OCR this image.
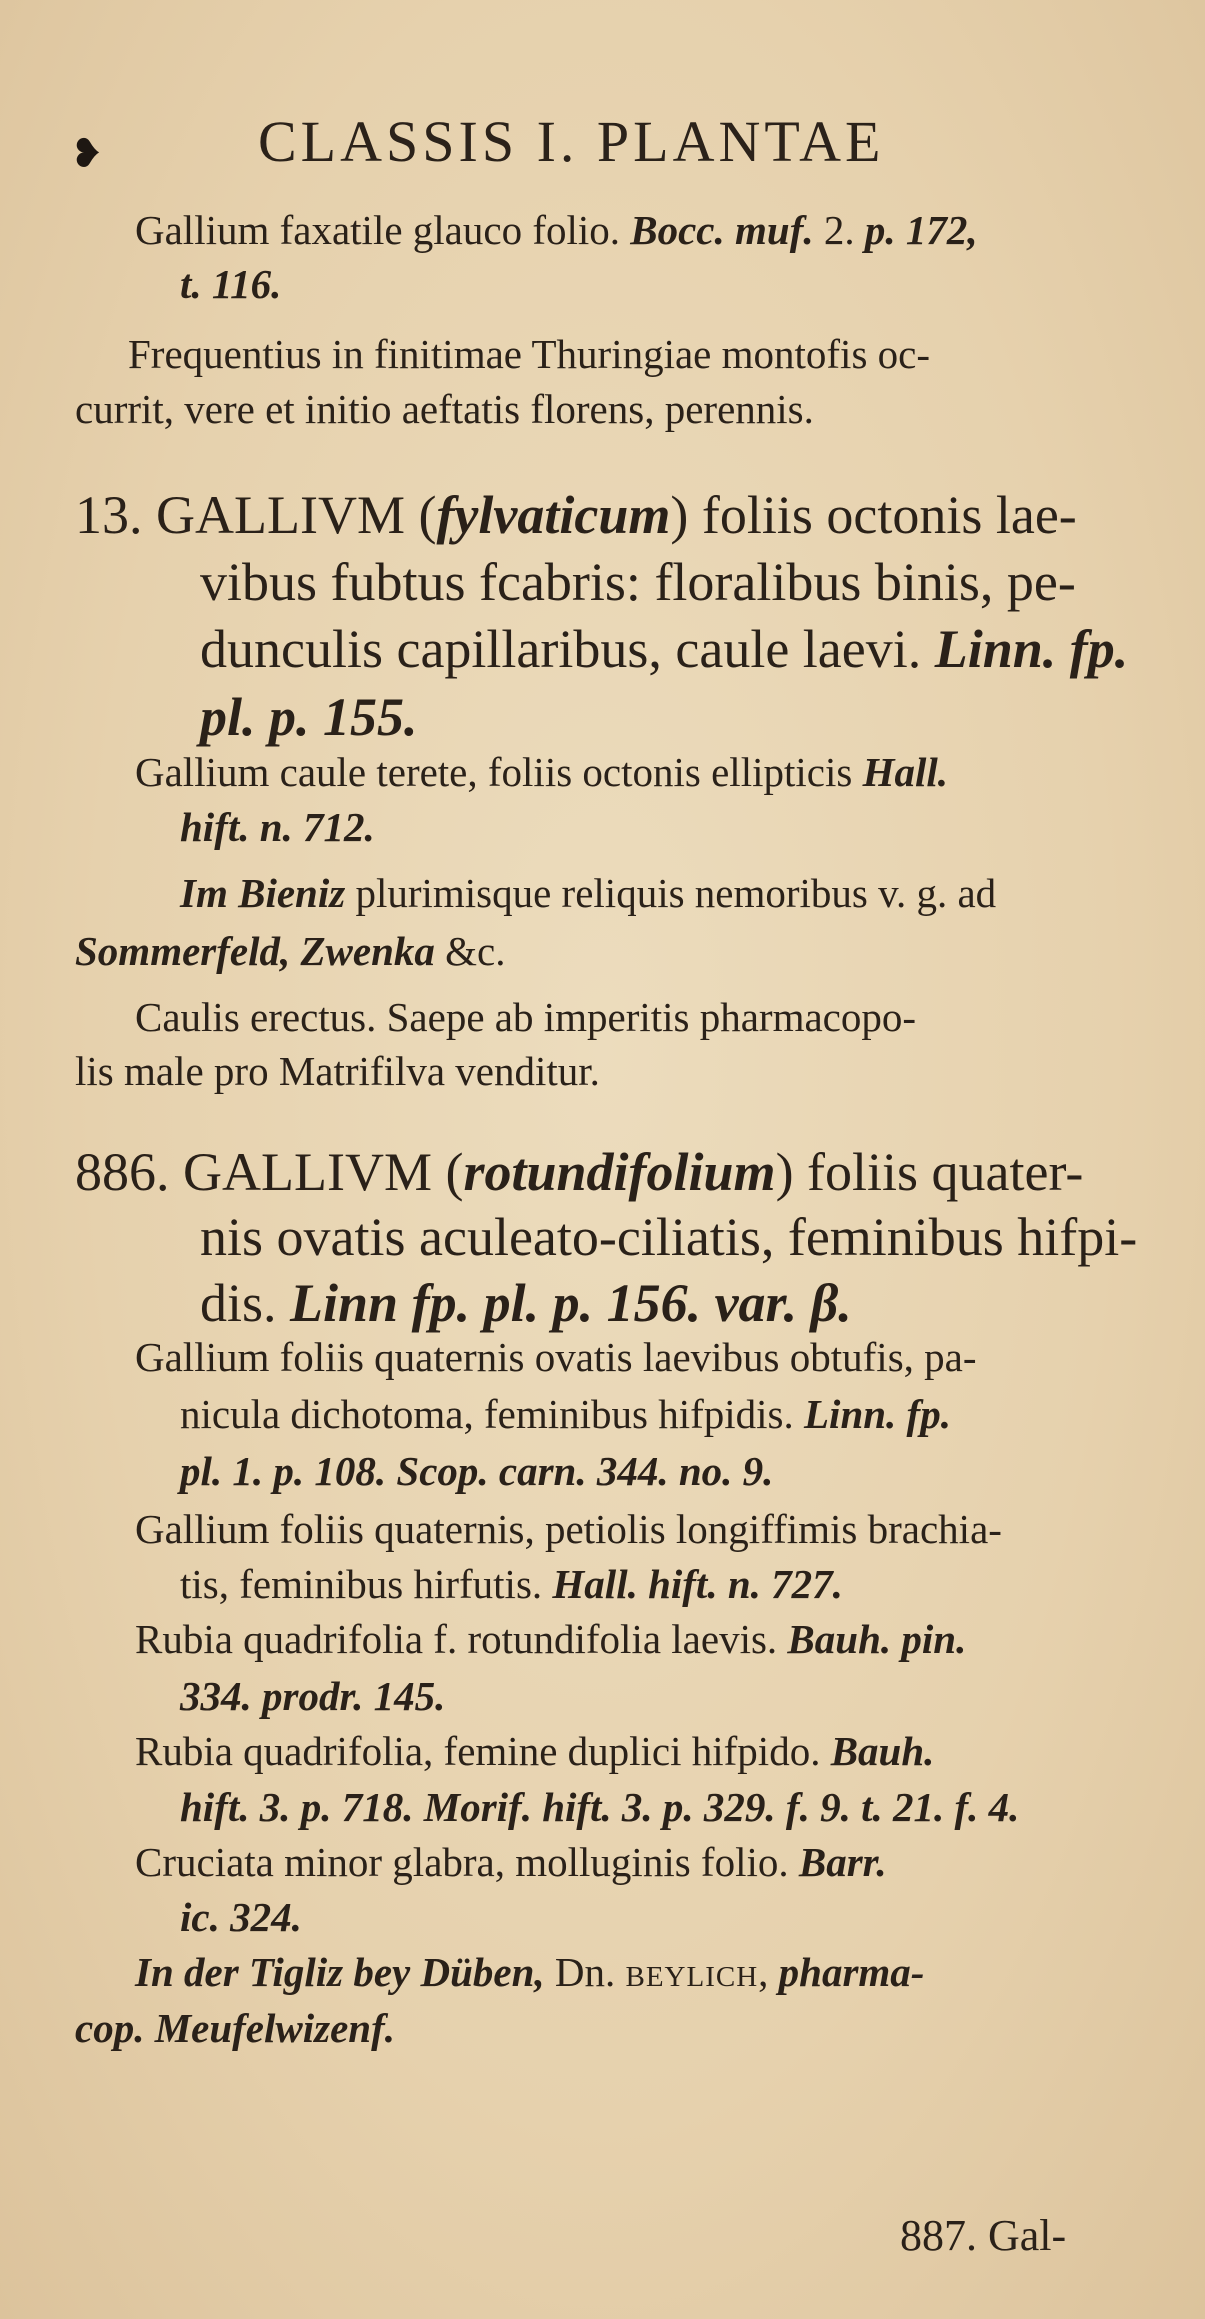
❥	CLASSIS I. PLANTAE
Gallium faxatile glauco folio. Bocc. muf. 2. p. 172,
t. 116.
Frequentius in finitimae Thuringiae montofis oc-
currit, vere et initio aeftatis florens, perennis.
13. GALLIVM (fylvaticum) foliis octonis lae-
vibus fubtus fcabris: floralibus binis, pe-
dunculis capillaribus, caule laevi. Linn. fp.
pl. p. 155.
Gallium caule terete, foliis octonis ellipticis Hall.
hift. n. 712.
Im Bieniz plurimisque reliquis nemoribus v. g. ad
Sommerfeld, Zwenka &c.
Caulis erectus. Saepe ab imperitis pharmacopo-
lis male pro Matrifilva venditur.
886. GALLIVM (rotundifolium) foliis quater-
nis ovatis aculeato-ciliatis, feminibus hifpi-
dis. Linn fp. pl. p. 156. var. β.
Gallium foliis quaternis ovatis laevibus obtufis, pa-
nicula dichotoma, feminibus hifpidis. Linn. fp.
pl. 1. p. 108. Scop. carn. 344. no. 9.
Gallium foliis quaternis, petiolis longiffimis brachia-
tis, feminibus hirfutis. Hall. hift. n. 727.
Rubia quadrifolia f. rotundifolia laevis. Bauh. pin.
334. prodr. 145.
Rubia quadrifolia, femine duplici hifpido. Bauh.
hift. 3. p. 718. Morif. hift. 3. p. 329. f. 9. t. 21. f. 4.
Cruciata minor glabra, molluginis folio. Barr.
ic. 324.
In der Tigliz bey Düben, Dn. beylich, pharma-
cop. Meufelwizenf.
887. Gal-
